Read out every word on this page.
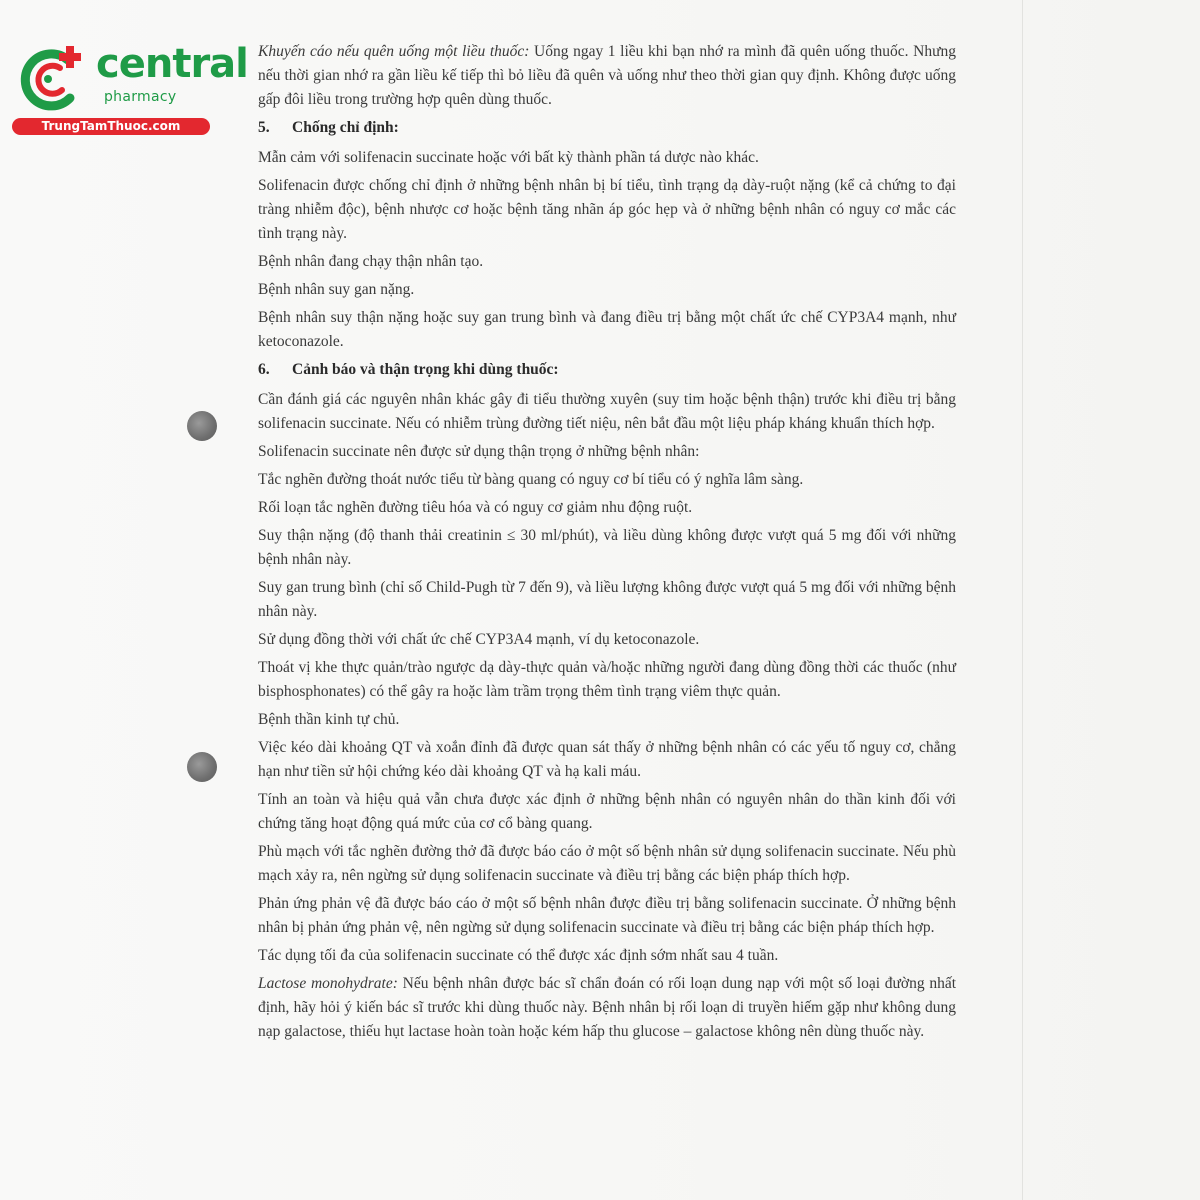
central
pharmacy
TrungTamThuoc.com

Khuyến cáo nếu quên uống một liều thuốc: Uống ngay 1 liều khi bạn nhớ ra mình đã quên uống thuốc. Nhưng nếu thời gian nhớ ra gần liều kế tiếp thì bỏ liều đã quên và uống như theo thời gian quy định. Không được uống gấp đôi liều trong trường hợp quên dùng thuốc.

5. Chống chỉ định:

Mẫn cảm với solifenacin succinate hoặc với bất kỳ thành phần tá dược nào khác.

Solifenacin được chống chỉ định ở những bệnh nhân bị bí tiểu, tình trạng dạ dày-ruột nặng (kể cả chứng to đại tràng nhiễm độc), bệnh nhược cơ hoặc bệnh tăng nhãn áp góc hẹp và ở những bệnh nhân có nguy cơ mắc các tình trạng này.

Bệnh nhân đang chạy thận nhân tạo.

Bệnh nhân suy gan nặng.

Bệnh nhân suy thận nặng hoặc suy gan trung bình và đang điều trị bằng một chất ức chế CYP3A4 mạnh, như ketoconazole.

6. Cảnh báo và thận trọng khi dùng thuốc:

Cần đánh giá các nguyên nhân khác gây đi tiểu thường xuyên (suy tim hoặc bệnh thận) trước khi điều trị bằng solifenacin succinate. Nếu có nhiễm trùng đường tiết niệu, nên bắt đầu một liệu pháp kháng khuẩn thích hợp.

Solifenacin succinate nên được sử dụng thận trọng ở những bệnh nhân:

Tắc nghẽn đường thoát nước tiểu từ bàng quang có nguy cơ bí tiểu có ý nghĩa lâm sàng.

Rối loạn tắc nghẽn đường tiêu hóa và có nguy cơ giảm nhu động ruột.

Suy thận nặng (độ thanh thải creatinin ≤ 30 ml/phút), và liều dùng không được vượt quá 5 mg đối với những bệnh nhân này.

Suy gan trung bình (chỉ số Child-Pugh từ 7 đến 9), và liều lượng không được vượt quá 5 mg đối với những bệnh nhân này.

Sử dụng đồng thời với chất ức chế CYP3A4 mạnh, ví dụ ketoconazole.

Thoát vị khe thực quản/trào ngược dạ dày-thực quản và/hoặc những người đang dùng đồng thời các thuốc (như bisphosphonates) có thể gây ra hoặc làm trầm trọng thêm tình trạng viêm thực quản.

Bệnh thần kinh tự chủ.

Việc kéo dài khoảng QT và xoắn đỉnh đã được quan sát thấy ở những bệnh nhân có các yếu tố nguy cơ, chẳng hạn như tiền sử hội chứng kéo dài khoảng QT và hạ kali máu.

Tính an toàn và hiệu quả vẫn chưa được xác định ở những bệnh nhân có nguyên nhân do thần kinh đối với chứng tăng hoạt động quá mức của cơ cổ bàng quang.

Phù mạch với tắc nghẽn đường thở đã được báo cáo ở một số bệnh nhân sử dụng solifenacin succinate. Nếu phù mạch xảy ra, nên ngừng sử dụng solifenacin succinate và điều trị bằng các biện pháp thích hợp.

Phản ứng phản vệ đã được báo cáo ở một số bệnh nhân được điều trị bằng solifenacin succinate. Ở những bệnh nhân bị phản ứng phản vệ, nên ngừng sử dụng solifenacin succinate và điều trị bằng các biện pháp thích hợp.

Tác dụng tối đa của solifenacin succinate có thể được xác định sớm nhất sau 4 tuần.

Lactose monohydrate: Nếu bệnh nhân được bác sĩ chẩn đoán có rối loạn dung nạp với một số loại đường nhất định, hãy hỏi ý kiến bác sĩ trước khi dùng thuốc này. Bệnh nhân bị rối loạn di truyền hiếm gặp như không dung nạp galactose, thiếu hụt lactase hoàn toàn hoặc kém hấp thu glucose – galactose không nên dùng thuốc này.
